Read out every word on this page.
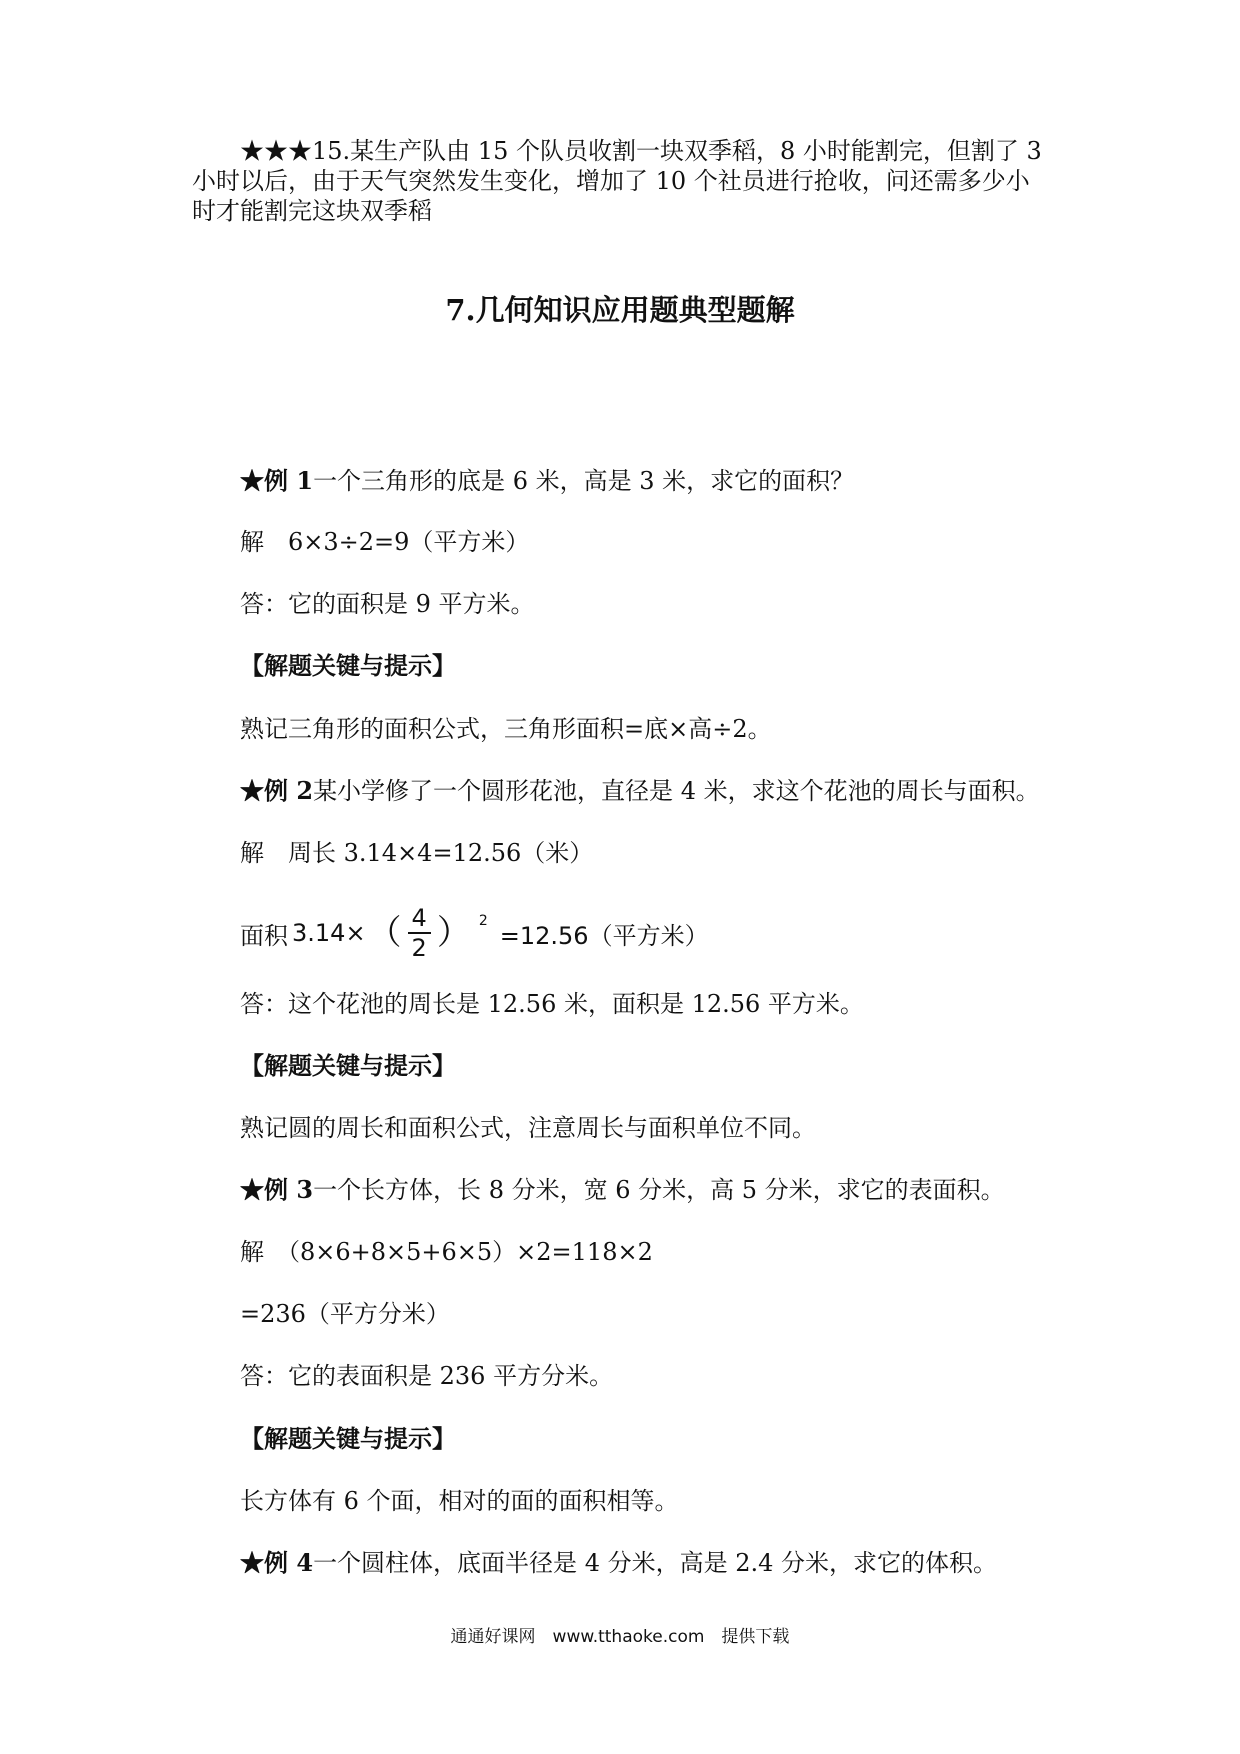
★★★15.某生产队由 15 个队员收割一块双季稻，8 小时能割完，但割了 3
小时以后，由于天气突然发生变化，增加了 10 个社员进行抢收，问还需多少小
时才能割完这块双季稻
7.几何知识应用题典型题解
★例 1一个三角形的底是 6 米，高是 3 米，求它的面积？
解　6×3÷2=9（平方米）
答：它的面积是 9 平方米。
【解题关键与提示】
熟记三角形的面积公式，三角形面积=底×高÷2。
★例 2某小学修了一个圆形花池，直径是 4 米，求这个花池的周长与面积。
解　周长 3.14×4=12.56（米）
面积 3.14× （ $\frac{4}{2}$ ） 2
=12.56（平方米）
答：这个花池的周长是 12.56 米，面积是 12.56 平方米。
【解题关键与提示】
熟记圆的周长和面积公式，注意周长与面积单位不同。
★例 3一个长方体，长 8 分米，宽 6 分米，高 5 分米，求它的表面积。
解　（8×6+8×5+6×5）×2=118×2
=236（平方分米）
答：它的表面积是 236 平方分米。
【解题关键与提示】
长方体有 6 个面，相对的面的面积相等。
★例 4一个圆柱体，底面半径是 4 分米，高是 2.4 分米，求它的体积。
通通好课网　www.tthaoke.com　提供下载
